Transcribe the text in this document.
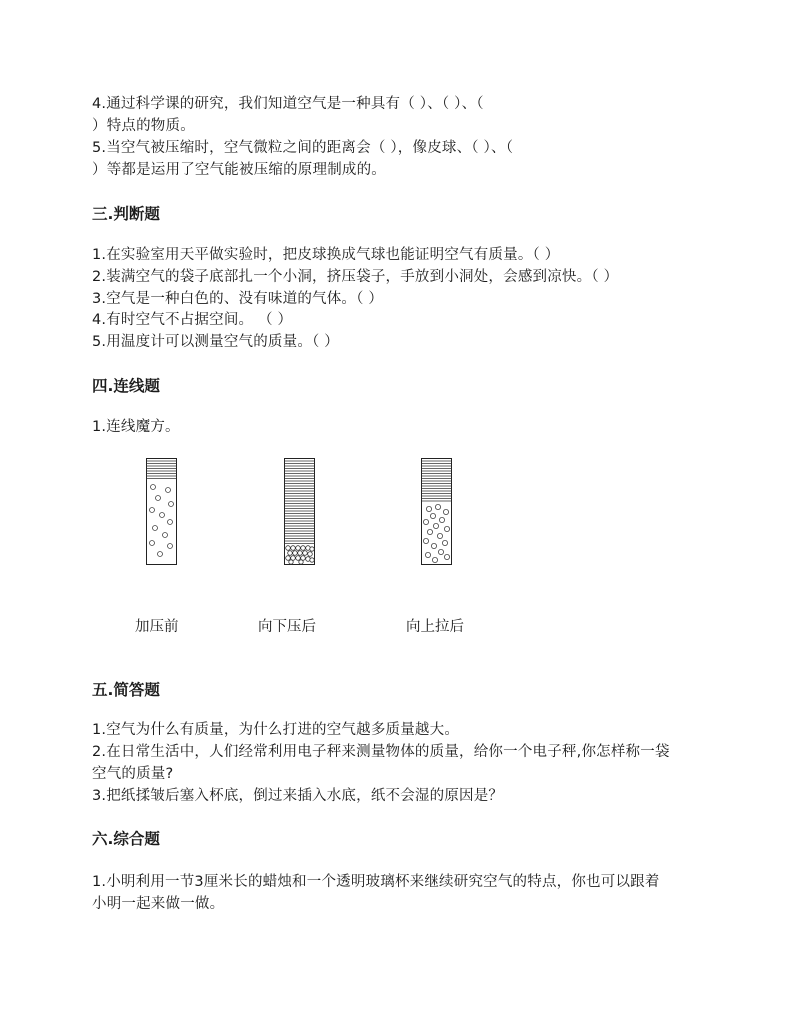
4.通过科学课的研究，我们知道空气是一种具有（ ）、（ ）、（
）特点的物质。
5.当空气被压缩时，空气微粒之间的距离会（ ），像皮球、（ ）、（
）等都是运用了空气能被压缩的原理制成的。
三.判断题
1.在实验室用天平做实验时，把皮球换成气球也能证明空气有质量。（ ）
2.装满空气的袋子底部扎一个小洞，挤压袋子，手放到小洞处，会感到凉快。（ ）
3.空气是一种白色的、没有味道的气体。（ ）
4.有时空气不占据空间。 （ ）
5.用温度计可以测量空气的质量。（ ）
四.连线题
1.连线魔方。
加压前	向下压后	向上拉后
五.简答题
1.空气为什么有质量，为什么打进的空气越多质量越大。
2.在日常生活中，人们经常利用电子秤来测量物体的质量，给你一个电子秤,你怎样称一袋
空气的质量?
3.把纸揉皱后塞入杯底，倒过来插入水底，纸不会湿的原因是？
六.综合题
1.小明利用一节3厘米长的蜡烛和一个透明玻璃杯来继续研究空气的特点，你也可以跟着
小明一起来做一做。
